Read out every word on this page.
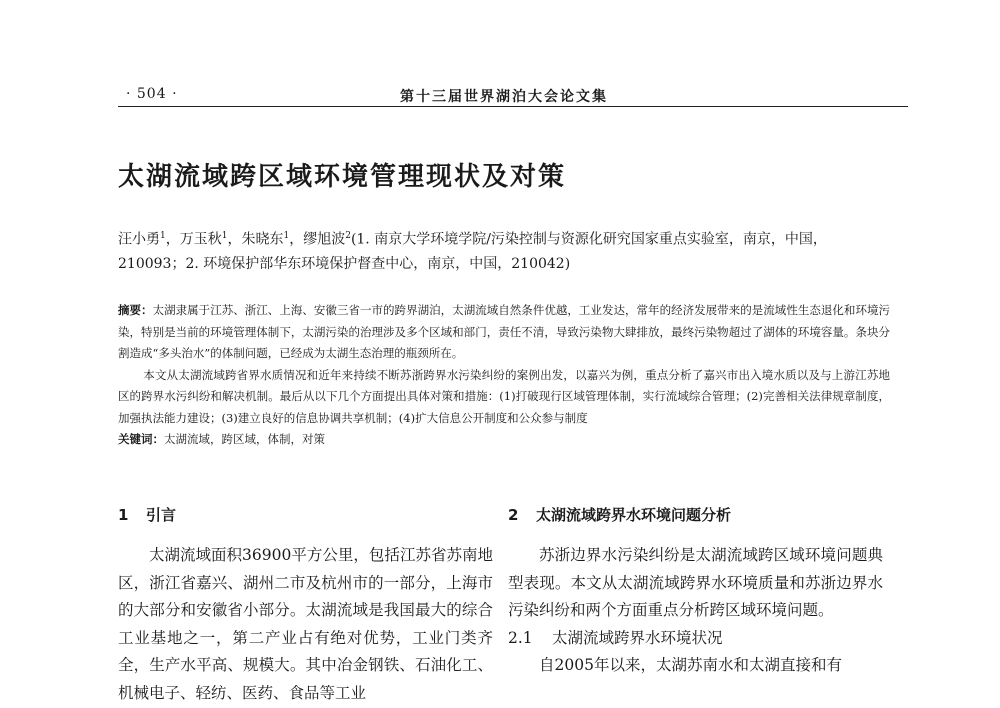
· 504 ·	第十三届世界湖泊大会论文集
太湖流域跨区域环境管理现状及对策
汪小勇$^1$，万玉秋$^1$，朱晓东$^1$，缪旭波$^2$(1. 南京大学环境学院/污染控制与资源化研究国家重点实验室，南京，中国，210093；2. 环境保护部华东环境保护督查中心，南京，中国，210042)

摘要：太湖隶属于江苏、浙江、上海、安徽三省一市的跨界湖泊，太湖流域自然条件优越，工业发达，常年的经济发展带来的是流域性生态退化和环境污染，特别是当前的环境管理体制下，太湖污染的治理涉及多个区域和部门，责任不清，导致污染物大肆排放，最终污染物超过了湖体的环境容量。条块分割造成“多头治水”的体制问题，已经成为太湖生态治理的瓶颈所在。

本文从太湖流域跨省界水质情况和近年来持续不断苏浙跨界水污染纠纷的案例出发，以嘉兴为例，重点分析了嘉兴市出入境水质以及与上游江苏地区的跨界水污纠纷和解决机制。最后从以下几个方面提出具体对策和措施：(1)打破现行区域管理体制，实行流域综合管理；(2)完善相关法律规章制度，加强执法能力建设；(3)建立良好的信息协调共享机制；(4)扩大信息公开制度和公众参与制度

关键词：太湖流域，跨区域，体制，对策

1 引言
太湖流域面积36900平方公里，包括江苏省苏南地区，浙江省嘉兴、湖州二市及杭州市的一部分，上海市的大部分和安徽省小部分。太湖流域是我国最大的综合工业基地之一，第二产业占有绝对优势，工业门类齐全，生产水平高、规模大。其中冶金钢铁、石油化工、机械电子、轻纺、医药、食品等工业
2 太湖流域跨界水环境问题分析
苏浙边界水污染纠纷是太湖流域跨区域环境问题典型表现。本文从太湖流域跨界水环境质量和苏浙边界水污染纠纷和两个方面重点分析跨区域环境问题。
2.1 太湖流域跨界水环境状况
自2005年以来，太湖苏南水和太湖直接和有
